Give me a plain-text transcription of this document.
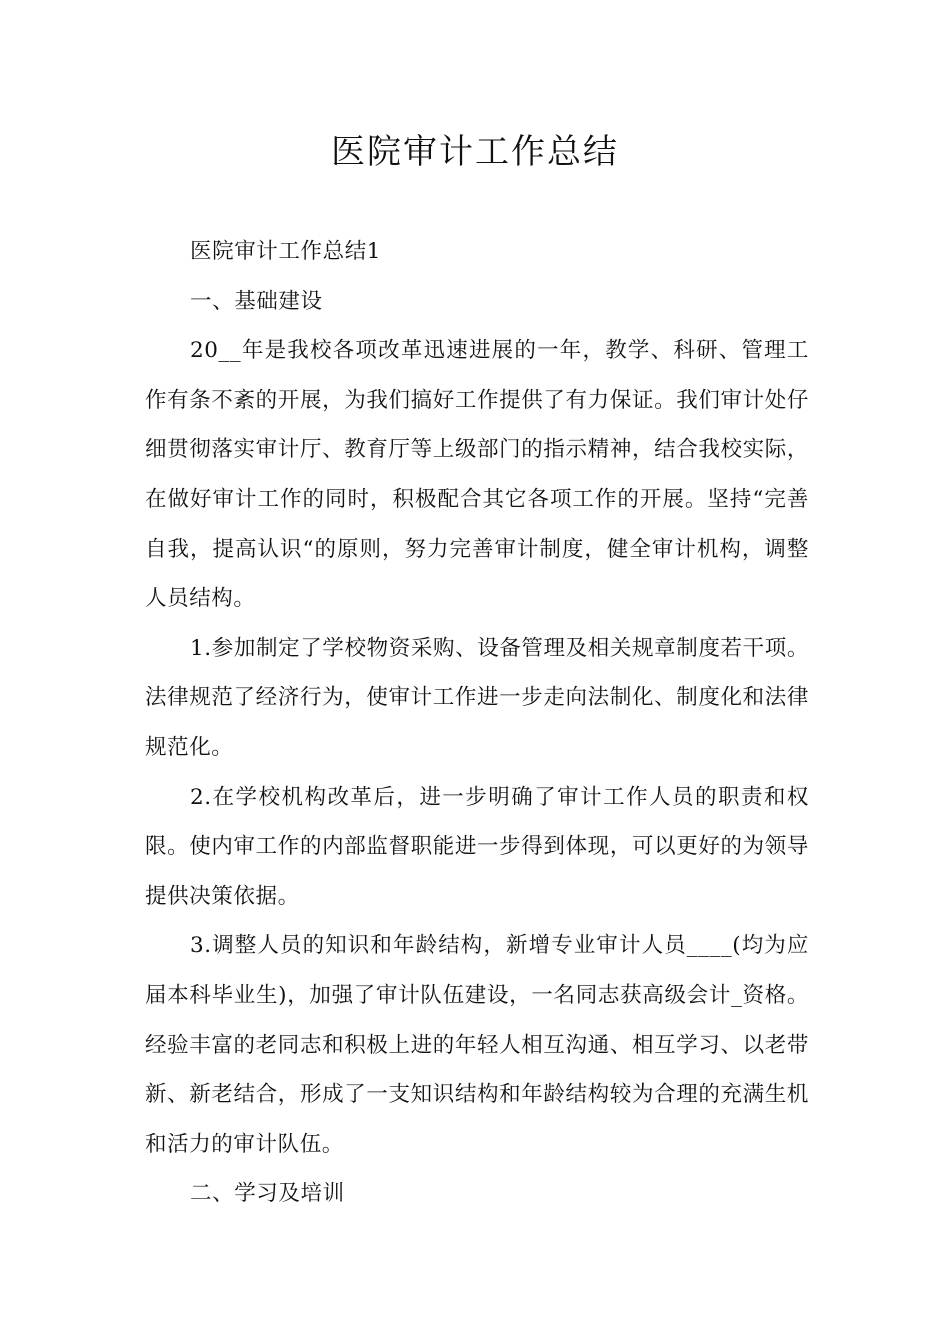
医院审计工作总结

医院审计工作总结1

一、基础建设

20__年是我校各项改革迅速进展的一年，教学、科研、管理工作有条不紊的开展，为我们搞好工作提供了有力保证。我们审计处仔细贯彻落实审计厅、教育厅等上级部门的指示精神，结合我校实际，在做好审计工作的同时，积极配合其它各项工作的开展。坚持“完善自我，提高认识“的原则，努力完善审计制度，健全审计机构，调整人员结构。

1.参加制定了学校物资采购、设备管理及相关规章制度若干项。法律规范了经济行为，使审计工作进一步走向法制化、制度化和法律规范化。

2.在学校机构改革后，进一步明确了审计工作人员的职责和权限。使内审工作的内部监督职能进一步得到体现，可以更好的为领导提供决策依据。

3.调整人员的知识和年龄结构，新增专业审计人员____(均为应届本科毕业生)，加强了审计队伍建设，一名同志获高级会计_资格。经验丰富的老同志和积极上进的年轻人相互沟通、相互学习、以老带新、新老结合，形成了一支知识结构和年龄结构较为合理的充满生机和活力的审计队伍。

二、学习及培训
